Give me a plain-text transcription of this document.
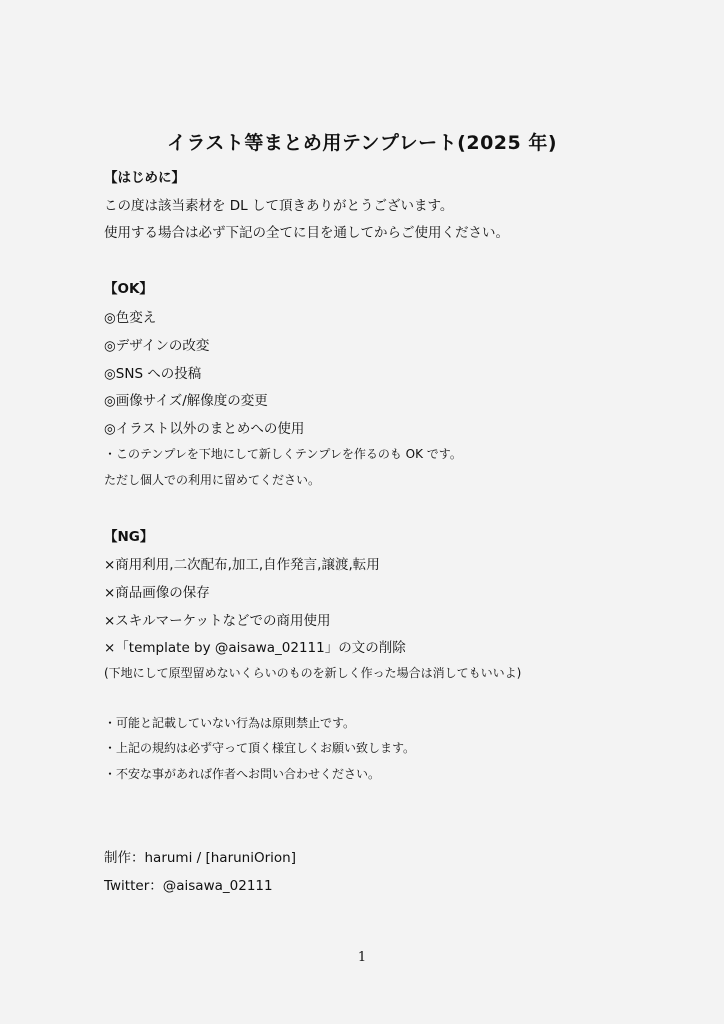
イラスト等まとめ用テンプレート(2025 年)
【はじめに】
この度は該当素材を DL して頂きありがとうございます。
使用する場合は必ず下記の全てに目を通してからご使用ください。
【OK】
◎色変え
◎デザインの改変
◎SNS への投稿
◎画像サイズ/解像度の変更
◎イラスト以外のまとめへの使用
・このテンプレを下地にして新しくテンプレを作るのも OK です。
ただし個人での利用に留めてください。
【NG】
×商用利用,二次配布,加工,自作発言,譲渡,転用
×商品画像の保存
×スキルマーケットなどでの商用使用
×「template by @aisawa_02111」の文の削除
(下地にして原型留めないくらいのものを新しく作った場合は消してもいいよ)
・可能と記載していない行為は原則禁止です。
・上記の規約は必ず守って頂く様宜しくお願い致します。
・不安な事があれば作者へお問い合わせください。
制作：harumi / [haruniOrion]
Twitter：@aisawa_02111
1
